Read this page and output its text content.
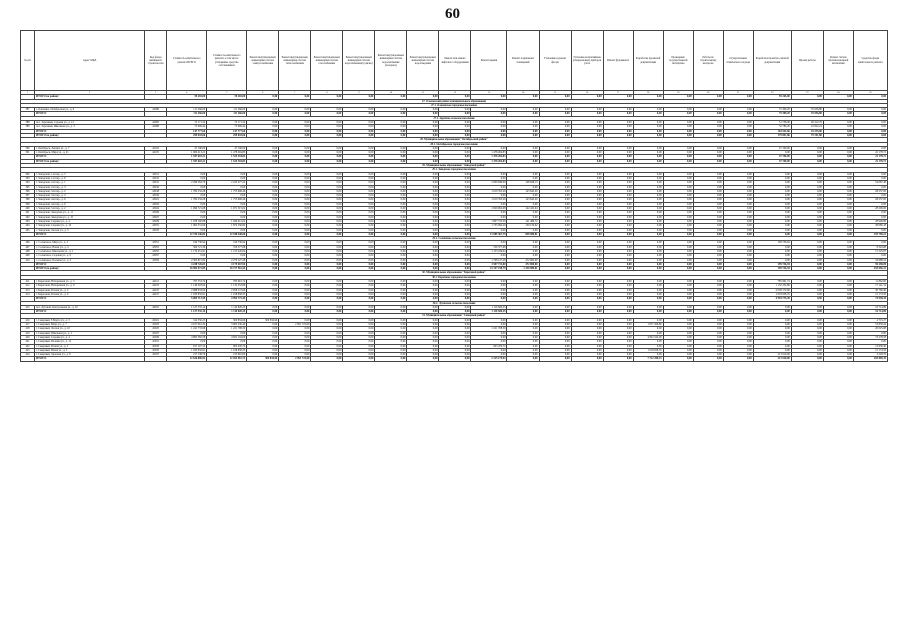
60
№ п/п	Адрес МКД	Код фонда жилищного строительства	Стоимость капитального ремонта ВСЕГО	Стоимость капитального ремонта, в том числе: уплаченные средства собственников	Ремонт внутридомовых инженерных систем электроснабжения	Ремонт внутридомовых инженерных систем теплоснабжения	Ремонт внутридомовых инженерных систем газоснабжения	Ремонт внутридомовых инженерных систем водоснабжения (горячее)	Ремонт внутридомовых инженерных систем водоснабжения (холодное)	Ремонт внутридомовых инженерных систем водоотведения	Ремонт или замена лифтового оборудования	Ремонт крыши	Ремонт подвальных помещений	Утепление и ремонт фасада	Установка коллективных (общедомовых) приборов учета	Ремонт фундамента	Разработка проектной документации	Проведение государственной экспертизы	Работы по строительному контролю	Осуществление технического надзора	Разработка проектно-сметной документации	Прочие работы	Ремонт систем противопожарной автоматики	Средства фонда капитального ремонта
1	2	3	4	5	6	7	8	9	10	11	12	13	14	15	16	17	18	19	20	21	22	23	24	25
	ИТОГО по району:		59 265,00	59 265,00	0,00	0,00	0,00	0,00	0,00	0,00	0,00	0,00	0,00	0,00	0,00	0,00	0,00	0,00	0,00	0,00	59 265,00	0,00	0,00	0,00
27. Ольховский район муниципального образования																								
27.1. Ольховское городское поселение																								
387	г. Ольховка, Октябрьская ул., д. 6	42090	111 266,00	111 266,00	0,00	0,00	0,00	0,00	0,00	0,00	0,00	0,00	0,00	0,00	0,00	0,00	0,00	0,00	0,00	0,00	75 309,20	35 956,80	0,00	0,00
	ИТОГО:		111 266,00	111 266,00	0,00	0,00	0,00	0,00	0,00	0,00	0,00	0,00	0,00	0,00	0,00	0,00	0,00	0,00	0,00	0,00	75 309,20	35 956,80	0,00	0,00
27.2. Заречное сельское поселение																								
388	пос. Заречный, Садовая ул., д. 12	42095	72 171,22	72 171,22	0,00	0,00	0,00	0,00	0,00	0,00	0,00	0,00	0,00	0,00	0,00	0,00	0,00	0,00	0,00	0,00	51 758,46	20 412,76	0,00	0,00
389	пос. Заречный, Школьная ул., д. 3	42098	75 606,44	75 606,44	0,00	0,00	0,00	0,00	0,00	0,00	0,00	0,00	0,00	0,00	0,00	0,00	0,00	0,00	0,00	0,00	52 784,20	22 822,24	0,00	0,00
	ИТОГО:		147 777,66	147 777,66	0,00	0,00	0,00	0,00	0,00	0,00	0,00	0,00	0,00	0,00	0,00	0,00	0,00	0,00	0,00	0,00	104 542,66	43 235,00	0,00	0,00
	ИТОГО по району:		259 043,66	259 043,66	0,00	0,00	0,00	0,00	0,00	0,00	0,00	0,00	0,00	0,00	0,00	0,00	0,00	0,00	0,00	0,00	179 851,86	79 191,80	0,00	0,00
28. Муниципальное образование "Октябрьский район"																								
28.1. Октябрьское городское поселение																								
390	г. Октябрьск, Ленина ул., д. 7	42102	47 190,00	47 190,00	0,00	0,00	0,00	0,00	0,00	0,00	0,00	0,00	0,00	0,00	0,00	0,00	0,00	0,00	0,00	0,00	47 190,00	0,00	0,00	0,00
391	г. Октябрьск, Мира ул., д. 21	42105	1 900 413,21	1 478 204,83	0,00	0,00	0,00	0,00	0,00	0,00	0,00	1 478 204,83	0,00	0,00	0,00	0,00	0,00	0,00	0,00	0,00	0,00	0,00	0,00	22 178,72
	ИТОГО:		1 947 603,21	1 525 394,83	0,00	0,00	0,00	0,00	0,00	0,00	0,00	1 478 204,83	0,00	0,00	0,00	0,00	0,00	0,00	0,00	0,00	47 190,00	0,00	0,00	22 178,72
	ИТОГО по району:		1 947 603,21	1 525 394,83	0,00	0,00	0,00	0,00	0,00	0,00	0,00	1 478 204,83	0,00	0,00	0,00	0,00	0,00	0,00	0,00	0,00	47 190,00	0,00	0,00	22 178,72
29. Муниципальное образование "Заводской район"																								
29.1. Заводское городское поселение																								
392	г. Заводской, 1-й пер., д. 5	43011	0,00	0,00	0,00	0,00	0,00	0,00	0,00	0,00	0,00	0,00	0,00	0,00	0,00	0,00	0,00	0,00	0,00	0,00	0,00	0,00	0,00	0,00
393	г. Заводской, 1-й пер., д. 8	43012	0,00	0,00	0,00	0,00	0,00	0,00	0,00	0,00	0,00	0,00	0,00	0,00	0,00	0,00	0,00	0,00	0,00	0,00	0,00	0,00	0,00	0,00
394	г. Заводской, 2-й пер., д. 1	43015	2 299 564,70	2 245 477,22	0,00	0,00	0,00	0,00	0,00	0,00	0,00	2 096 849,09	148 628,13	0,00	0,00	0,00	0,00	0,00	0,00	0,00	0,00	0,00	0,00	54 087,48
395	г. Заводской, 2-й пер., д. 3	43016	0,00	0,00	0,00	0,00	0,00	0,00	0,00	0,00	0,00	0,00	0,00	0,00	0,00	0,00	0,00	0,00	0,00	0,00	0,00	0,00	0,00	0,00
396	г. Заводской, 3-й пер., д. 2	43018	1 782 234,28	1 753 996,46	0,00	0,00	0,00	0,00	0,00	0,00	0,00	1 610 353,26	143 643,20	0,00	0,00	0,00	0,00	0,00	0,00	0,00	0,00	0,00	0,00	28 237,82
397	г. Заводской, 3-й пер., д. 4	43019	0,00	0,00	0,00	0,00	0,00	0,00	0,00	0,00	0,00	0,00	0,00	0,00	0,00	0,00	0,00	0,00	0,00	0,00	0,00	0,00	0,00	0,00
398	г. Заводской, 4-й пер., д. 6	43021	1 782 234,28	1 753 996,46	0,00	0,00	0,00	0,00	0,00	0,00	0,00	1 610 353,26	143 643,20	0,00	0,00	0,00	0,00	0,00	0,00	0,00	0,00	0,00	0,00	28 237,82
399	г. Заводской, 4-й пер., д. 9	43022	0,00	0,00	0,00	0,00	0,00	0,00	0,00	0,00	0,00	0,00	0,00	0,00	0,00	0,00	0,00	0,00	0,00	0,00	0,00	0,00	0,00	0,00
400	г. Заводской, 5-й пер., д. 2	43024	1 999 721,68	1 971 515,62	0,00	0,00	0,00	0,00	0,00	0,00	0,00	1 829 092,68	142 422,94	0,00	0,00	0,00	0,00	0,00	0,00	0,00	0,00	0,00	0,00	28 206,06
401	г. Заводской, Заводская ул., д. 11	43026	0,00	0,00	0,00	0,00	0,00	0,00	0,00	0,00	0,00	0,00	0,00	0,00	0,00	0,00	0,00	0,00	0,00	0,00	0,00	0,00	0,00	0,00
402	г. Заводской, Заводская ул., д. 15	43027	0,00	0,00	0,00	0,00	0,00	0,00	0,00	0,00	0,00	0,00	0,00	0,00	0,00	0,00	0,00	0,00	0,00	0,00	0,00	0,00	0,00	0,00
403	г. Заводской, Садовая ул., д. 4	43029	1 978 160,88	1 949 212,02	0,00	0,00	0,00	0,00	0,00	0,00	0,00	1 807 725,30	141 486,72	0,00	0,00	0,00	0,00	0,00	0,00	0,00	0,00	0,00	0,00	28 948,86
404	г. Заводской, Садовая ул., д. 10	43031	1 902 331,00	1 874 250,82	0,00	0,00	0,00	0,00	0,00	0,00	0,00	1 735 094,20	139 156,62	0,00	0,00	0,00	0,00	0,00	0,00	0,00	0,00	0,00	0,00	28 080,18
405	г. Заводской, Лесная ул., д. 3	43033	0,00	0,00	0,00	0,00	0,00	0,00	0,00	0,00	0,00	0,00	0,00	0,00	0,00	0,00	0,00	0,00	0,00	0,00	0,00	0,00	0,00	0,00
	ИТОГО:		12 744 246,82	12 548 448,60	0,00	0,00	0,00	0,00	0,00	0,00	0,00	11 689 467,79	858 980,81	0,00	0,00	0,00	0,00	0,00	0,00	0,00	0,00	0,00	0,00	195 798,22
29.2. Солнечное сельское поселение																								
406	с. Солнечное, Мира ул., д. 2	43051	199 736,94	199 736,94	0,00	0,00	0,00	0,00	0,00	0,00	0,00	0,00	0,00	0,00	0,00	0,00	0,00	0,00	0,00	0,00	199 736,94	0,00	0,00	0,00
407	с. Солнечное, Новая ул., д. 4	43053	564 721,36	556 377,68	0,00	0,00	0,00	0,00	0,00	0,00	0,00	556 377,68	0,00	0,00	0,00	0,00	0,00	0,00	0,00	0,00	0,00	0,00	0,00	8 343,68
408	с. Солнечное, Школьная ул., д. 1	43055	1 170 451,91	1 153 226,04	0,00	0,00	0,00	0,00	0,00	0,00	0,00	1 153 226,04	0,00	0,00	0,00	0,00	0,00	0,00	0,00	0,00	0,00	0,00	0,00	17 225,87
409	с. Солнечное, Садовая ул., д. 6	43057	0,00	0,00	0,00	0,00	0,00	0,00	0,00	0,00	0,00	0,00	0,00	0,00	0,00	0,00	0,00	0,00	0,00	0,00	0,00	0,00	0,00	0,00
410	с. Солнечное, Полевая ул., д. 3	43059	2 303 815,82	2 270 127,28	0,00	0,00	0,00	0,00	0,00	0,00	0,00	1 798 127,28	472 000,00	0,00	0,00	0,00	0,00	0,00	0,00	0,00	0,00	0,00	0,00	33 688,54
	ИТОГО:		4 238 726,03	4 179 467,94	0,00	0,00	0,00	0,00	0,00	0,00	0,00	3 507 731,00	472 000,00	0,00	0,00	0,00	0,00	0,00	0,00	0,00	199 736,94	0,00	0,00	59 258,09
	ИТОГО по району:		16 982 972,85	16 727 916,54	0,00	0,00	0,00	0,00	0,00	0,00	0,00	15 197 198,79	1 330 980,81	0,00	0,00	0,00	0,00	0,00	0,00	0,00	199 736,94	0,00	0,00	255 056,31
30. Муниципальное образование "Береговой район"																								
30.1. Береговое городское поселение																								
411	г. Береговой, Набережная ул., д. 5	44011	797 553,74	785 691,74	0,00	0,00	0,00	0,00	0,00	0,00	0,00	0,00	0,00	0,00	0,00	0,00	0,00	0,00	0,00	0,00	785 691,74	0,00	0,00	11 862,00
412	г. Береговой, Набережная ул., д. 9	44013	1 149 393,94	1 132 252,80	0,00	0,00	0,00	0,00	0,00	0,00	0,00	0,00	0,00	0,00	0,00	0,00	0,00	0,00	0,00	0,00	1 132 252,80	0,00	0,00	17 141,14
413	г. Береговой, Речная ул., д. 2	44015	2 088 933,00	2 058 172,60	0,00	0,00	0,00	0,00	0,00	0,00	0,00	0,00	0,00	0,00	0,00	0,00	0,00	0,00	0,00	0,00	2 058 172,60	0,00	0,00	30 760,40
414	г. Береговой, Речная ул., д. 6	44017	1 033 832,91	1 018 658,35	0,00	0,00	0,00	0,00	0,00	0,00	0,00	0,00	0,00	0,00	0,00	0,00	0,00	0,00	0,00	0,00	1 018 658,35	0,00	0,00	15 174,56
	ИТОГО:		5 069 713,59	4 994 775,49	0,00	0,00	0,00	0,00	0,00	0,00	0,00	0,00	0,00	0,00	0,00	0,00	0,00	0,00	0,00	0,00	4 994 775,49	0,00	0,00	74 938,10
30.2. Луговское сельское поселение																								
415	пос. Луговой, Центральная ул., д. 10	44031	1 127 535,14	1 110 820,25	0,00	0,00	0,00	0,00	0,00	0,00	0,00	1 110 820,25	0,00	0,00	0,00	0,00	0,00	0,00	0,00	0,00	0,00	0,00	0,00	16 714,89
	ИТОГО:		1 127 535,14	1 110 820,25	0,00	0,00	0,00	0,00	0,00	0,00	0,00	1 110 820,25	0,00	0,00	0,00	0,00	0,00	0,00	0,00	0,00	0,00	0,00	0,00	16 714,89
31. Муниципальное образование "Северный район"																								
416	г. Северный, 8 Марта ул., д. 3	45021	314 550,23	309 834,96	309 834,96	0,00	0,00	0,00	0,00	0,00	0,00	0,00	0,00	0,00	0,00	0,00	0,00	0,00	0,00	0,00	0,00	0,00	0,00	4 715,27
417	г. Северный, Мира ул., д. 7	45023	4 017 061,34	3 963 230,40	0,00	2 091 723,60	0,00	0,00	0,00	0,00	0,00	0,00	0,00	0,00	0,00	0,00	1 871 506,80	0,00	0,00	0,00	0,00	0,00	0,00	53 830,94
418	г. Северный, Лесная ул., д. 10	45025	1 241 733,98	1 221 708,30	0,00	0,00	0,00	0,00	0,00	0,00	0,00	1 221 708,30	0,00	0,00	0,00	0,00	0,00	0,00	0,00	0,00	0,00	0,00	0,00	20 025,68
419	г. Северный, Школьная ул., д. 1	45027	0,00	0,00	0,00	0,00	0,00	0,00	0,00	0,00	0,00	0,00	0,00	0,00	0,00	0,00	0,00	0,00	0,00	0,00	0,00	0,00	0,00	0,00
420	г. Северный, Садовая ул., д. 4	45029	4 895 382,58	4 822 104,00	0,00	0,00	0,00	0,00	0,00	0,00	0,00	0,00	0,00	0,00	0,00	0,00	4 822 104,00	0,00	0,00	0,00	0,00	0,00	0,00	73 278,58
421	г. Северный, Полевая ул., д. 12	45031	0,00	0,00	0,00	0,00	0,00	0,00	0,00	0,00	0,00	0,00	0,00	0,00	0,00	0,00	0,00	0,00	0,00	0,00	0,00	0,00	0,00	0,00
422	г. Северный, Речная ул., д. 2	45033	917 107,12	903 470,72	0,00	0,00	0,00	0,00	0,00	0,00	0,00	903 470,72	0,00	0,00	0,00	0,00	0,00	0,00	0,00	0,00	0,00	0,00	0,00	13 636,40
423	г. Северный, Новая ул., д. 5	45035	1 033 832,91	1 018 658,35	0,00	0,00	0,00	0,00	0,00	0,00	0,00	0,00	0,00	0,00	0,00	0,00	1 018 658,35	0,00	0,00	0,00	0,00	0,00	0,00	15 174,56
424	г. Северный, Заречная ул., д. 8	45037	217 138,76	213 910,00	0,00	0,00	0,00	0,00	0,00	0,00	0,00	0,00	0,00	0,00	0,00	0,00	0,00	0,00	0,00	0,00	213 910,00	0,00	0,00	3 228,76
	ИТОГО:		12 636 806,92	12 452 916,73	309 834,96	2 091 723,60	0,00	0,00	0,00	0,00	0,00	2 125 179,02	0,00	0,00	0,00	0,00	7 712 269,15	0,00	0,00	0,00	213 910,00	0,00	0,00	183 890,19
